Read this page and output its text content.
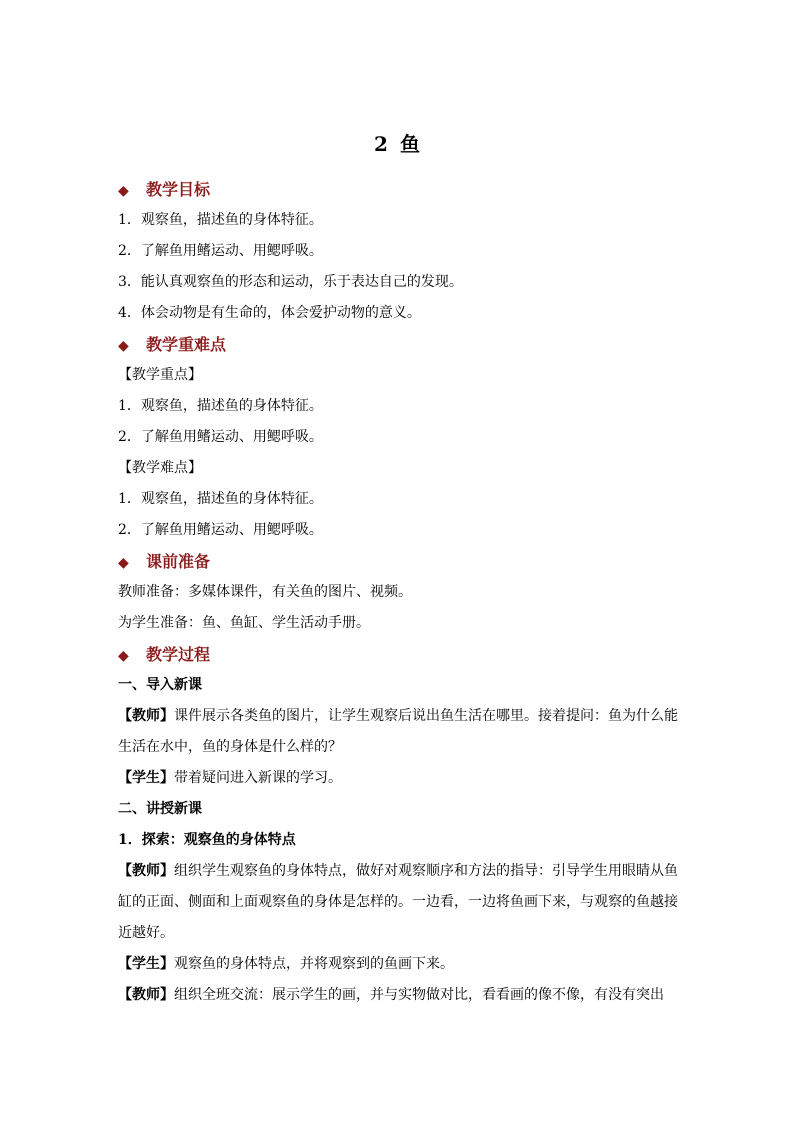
2 鱼
◆ 教学目标
1．观察鱼，描述鱼的身体特征。
2．了解鱼用鳍运动、用鳃呼吸。
3．能认真观察鱼的形态和运动，乐于表达自己的发现。
4．体会动物是有生命的，体会爱护动物的意义。
◆ 教学重难点
【教学重点】
1．观察鱼，描述鱼的身体特征。
2．了解鱼用鳍运动、用鳃呼吸。
【教学难点】
1．观察鱼，描述鱼的身体特征。
2．了解鱼用鳍运动、用鳃呼吸。
◆ 课前准备
教师准备：多媒体课件，有关鱼的图片、视频。
为学生准备：鱼、鱼缸、学生活动手册。
◆ 教学过程
一、导入新课
【教师】课件展示各类鱼的图片，让学生观察后说出鱼生活在哪里。接着提问：鱼为什么能生活在水中，鱼的身体是什么样的？
【学生】带着疑问进入新课的学习。
二、讲授新课
1．探索：观察鱼的身体特点
【教师】组织学生观察鱼的身体特点，做好对观察顺序和方法的指导：引导学生用眼睛从鱼缸的正面、侧面和上面观察鱼的身体是怎样的。一边看，一边将鱼画下来，与观察的鱼越接近越好。
【学生】观察鱼的身体特点，并将观察到的鱼画下来。
【教师】组织全班交流：展示学生的画，并与实物做对比，看看画的像不像，有没有突出
